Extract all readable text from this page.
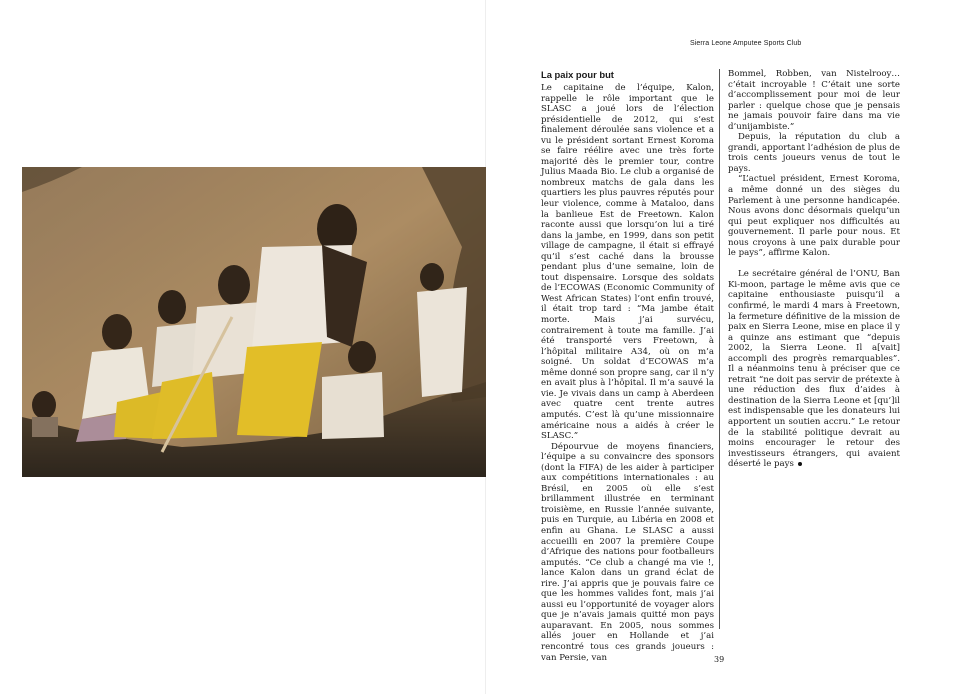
Sierra Leone Amputee Sports Club
La paix pour but

Le capitaine de l’équipe, Kalon, rappelle le rôle important que le SLASC a joué lors de l’élection présidentielle de 2012, qui s’est finalement déroulée sans violence et a vu le président sortant Ernest Koroma se faire réélire avec une très forte majorité dès le premier tour, contre Julius Maada Bio. Le club a organisé de nombreux matchs de gala dans les quartiers les plus pauvres réputés pour leur violence, comme à Mataloo, dans la banlieue Est de Freetown. Kalon raconte aussi que lorsqu’on lui a tiré dans la jambe, en 1999, dans son petit village de campagne, il était si effrayé qu’il s’est caché dans la brousse pendant plus d’une semaine, loin de tout dispensaire. Lorsque des soldats de l’ECOWAS (Economic Community of West African States) l’ont enfin trouvé, il était trop tard : “Ma jambe était morte. Mais j’ai survécu, contrairement à toute ma famille. J’ai été transporté vers Freetown, à l’hôpital militaire A34, où on m’a soigné. Un soldat d’ECOWAS m’a même donné son propre sang, car il n’y en avait plus à l’hôpital. Il m’a sauvé la vie. Je vivais dans un camp à Aberdeen avec quatre cent trente autres amputés. C’est là qu’une missionnaire américaine nous a aidés à créer le SLASC.”

Dépourvue de moyens financiers, l’équipe a su convaincre des sponsors (dont la FIFA) de les aider à participer aux compétitions internationales : au Brésil, en 2005 où elle s’est brillamment illustrée en terminant troisième, en Russie l’année suivante, puis en Turquie, au Libéria en 2008 et enfin au Ghana. Le SLASC a aussi accueilli en 2007 la première Coupe d’Afrique des nations pour footballeurs amputés. “Ce club a changé ma vie !, lance Kalon dans un grand éclat de rire. J’ai appris que je pouvais faire ce que les hommes valides font, mais j’ai aussi eu l’opportunité de voyager alors que je n’avais jamais quitté mon pays auparavant. En 2005, nous sommes allés jouer en Hollande et j’ai rencontré tous ces grands joueurs : van Persie, van

Bommel, Robben, van Nistelrooy… c’était incroyable ! C’était une sorte d’accomplissement pour moi de leur parler : quelque chose que je pensais ne jamais pouvoir faire dans ma vie d’unijambiste.”

Depuis, la réputation du club a grandi, apportant l’adhésion de plus de trois cents joueurs venus de tout le pays.

“L’actuel président, Ernest Koroma, a même donné un des sièges du Parlement à une personne handicapée. Nous avons donc désormais quelqu’un qui peut expliquer nos difficultés au gouvernement. Il parle pour nous. Et nous croyons à une paix durable pour le pays”, affirme Kalon.

Le secrétaire général de l’ONU, Ban Ki-moon, partage le même avis que ce capitaine enthousiaste puisqu’il a confirmé, le mardi 4 mars à Freetown, la fermeture définitive de la mission de paix en Sierra Leone, mise en place il y a quinze ans estimant que “depuis 2002, la Sierra Leone. Il a[vait] accompli des progrès remarquables”. Il a néanmoins tenu à préciser que ce retrait “ne doit pas servir de prétexte à une réduction des flux d’aides à destination de la Sierra Leone et [qu’]il est indispensable que les donateurs lui apportent un soutien accru.” Le retour de la stabilité politique devrait au moins encourager le retour des investisseurs étrangers, qui avaient déserté le pays

39
